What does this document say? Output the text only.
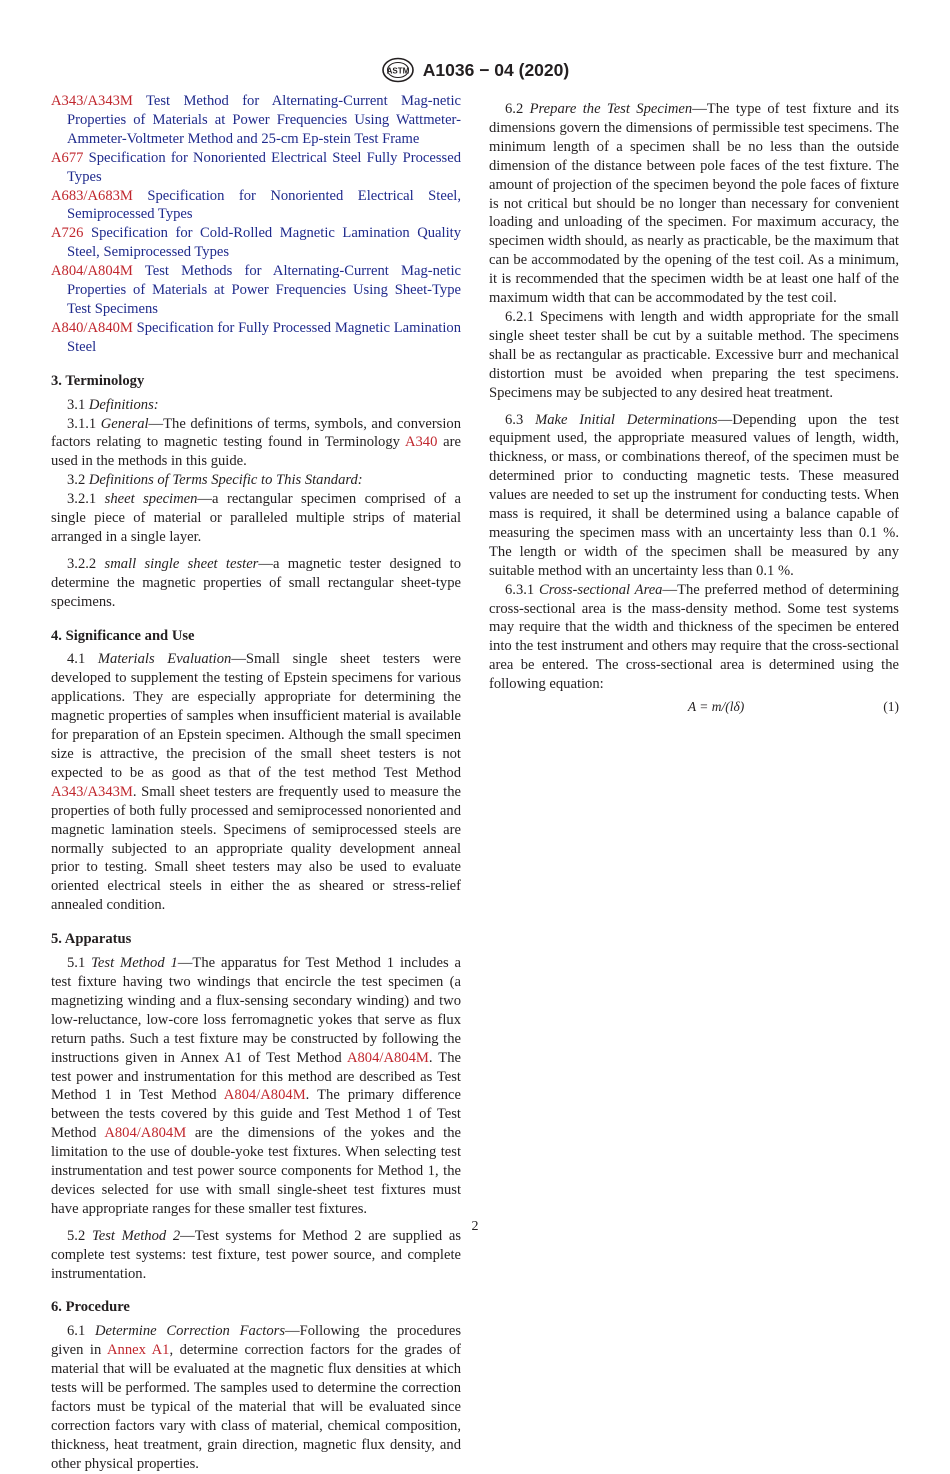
ASTM A1036 − 04 (2020)

A343/A343M Test Method for Alternating-Current Mag-netic Properties of Materials at Power Frequencies Using Wattmeter-Ammeter-Voltmeter Method and 25-cm Ep-stein Test Frame

A677 Specification for Nonoriented Electrical Steel Fully Processed Types

A683/A683M Specification for Nonoriented Electrical Steel, Semiprocessed Types

A726 Specification for Cold-Rolled Magnetic Lamination Quality Steel, Semiprocessed Types

A804/A804M Test Methods for Alternating-Current Mag-netic Properties of Materials at Power Frequencies Using Sheet-Type Test Specimens

A840/A840M Specification for Fully Processed Magnetic Lamination Steel

3. Terminology

3.1 Definitions:

3.1.1 General—The definitions of terms, symbols, and conversion factors relating to magnetic testing found in Terminology A340 are used in the methods in this guide.

3.2 Definitions of Terms Specific to This Standard:

3.2.1 sheet specimen—a rectangular specimen comprised of a single piece of material or paralleled multiple strips of material arranged in a single layer.

3.2.2 small single sheet tester—a magnetic tester designed to determine the magnetic properties of small rectangular sheet-type specimens.

4. Significance and Use

4.1 Materials Evaluation—Small single sheet testers were developed to supplement the testing of Epstein specimens for various applications. They are especially appropriate for determining the magnetic properties of samples when insufficient material is available for preparation of an Epstein specimen. Although the small specimen size is attractive, the precision of the small sheet testers is not expected to be as good as that of the test method Test Method A343/A343M. Small sheet testers are frequently used to measure the properties of both fully processed and semiprocessed nonoriented and magnetic lamination steels. Specimens of semiprocessed steels are normally subjected to an appropriate quality development anneal prior to testing. Small sheet testers may also be used to evaluate oriented electrical steels in either the as sheared or stress-relief annealed condition.

5. Apparatus

5.1 Test Method 1—The apparatus for Test Method 1 includes a test fixture having two windings that encircle the test specimen (a magnetizing winding and a flux-sensing secondary winding) and two low-reluctance, low-core loss ferromagnetic yokes that serve as flux return paths. Such a test fixture may be constructed by following the instructions given in Annex A1 of Test Method A804/A804M. The test power and instrumentation for this method are described as Test Method 1 in Test Method A804/A804M. The primary difference between the tests covered by this guide and Test Method 1 of Test Method A804/A804M are the dimensions of the yokes and the limitation to the use of double-yoke test fixtures. When selecting test instrumentation and test power source components for Method 1, the devices selected for use with small single-sheet test fixtures must have appropriate ranges for these smaller test fixtures.

5.2 Test Method 2—Test systems for Method 2 are supplied as complete test systems: test fixture, test power source, and complete instrumentation.

6. Procedure

6.1 Determine Correction Factors—Following the procedures given in Annex A1, determine correction factors for the grades of material that will be evaluated at the magnetic flux densities at which tests will be performed. The samples used to determine the correction factors must be typical of the material that will be evaluated since correction factors vary with class of material, chemical composition, thickness, heat treatment, grain direction, magnetic flux density, and other physical properties.

6.2 Prepare the Test Specimen—The type of test fixture and its dimensions govern the dimensions of permissible test specimens. The minimum length of a specimen shall be no less than the outside dimension of the distance between pole faces of the test fixture. The amount of projection of the specimen beyond the pole faces of fixture is not critical but should be no longer than necessary for convenient loading and unloading of the specimen. For maximum accuracy, the specimen width should, as nearly as practicable, be the maximum that can be accommodated by the opening of the test coil. As a minimum, it is recommended that the specimen width be at least one half of the maximum width that can be accommodated by the test coil.

6.2.1 Specimens with length and width appropriate for the small single sheet tester shall be cut by a suitable method. The specimens shall be as rectangular as practicable. Excessive burr and mechanical distortion must be avoided when preparing the test specimens. Specimens may be subjected to any desired heat treatment.

6.3 Make Initial Determinations—Depending upon the test equipment used, the appropriate measured values of length, width, thickness, or mass, or combinations thereof, of the specimen must be determined prior to conducting magnetic tests. These measured values are needed to set up the instrument for conducting tests. When mass is required, it shall be determined using a balance capable of measuring the specimen mass with an uncertainty less than 0.1 %. The length or width of the specimen shall be measured by any suitable method with an uncertainty less than 0.1 %.

6.3.1 Cross-sectional Area—The preferred method of determining cross-sectional area is the mass-density method. Some test systems may require that the width and thickness of the specimen be entered into the test instrument and others may require that the cross-sectional area be entered. The cross-sectional area is determined using the following equation:

A = m/(lδ)	(1)
2
